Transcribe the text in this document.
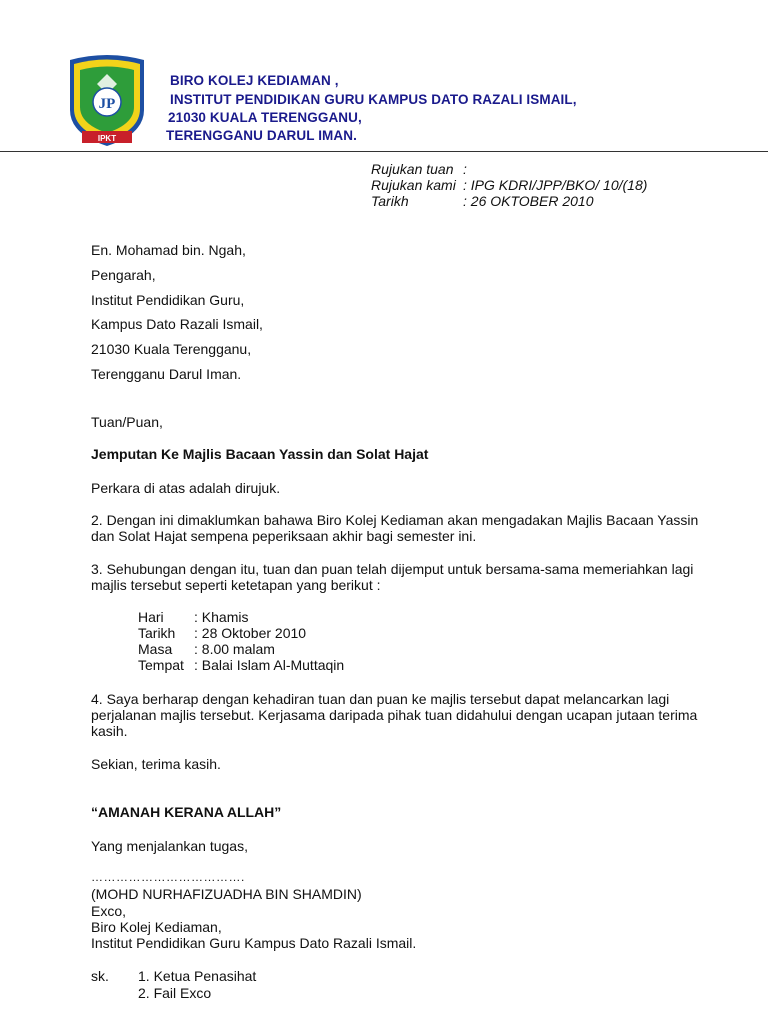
JP
IPKT
BIRO KOLEJ KEDIAMAN ,
INSTITUT PENDIDIKAN GURU KAMPUS DATO RAZALI ISMAIL,
21030 KUALA TERENGGANU,
TERENGGANU DARUL IMAN.
Rujukan tuan :
Rujukan kami : IPG KDRI/JPP/BKO/ 10/(18)
Tarikh	: 26 OKTOBER 2010

En. Mohamad bin. Ngah,

Pengarah,

Institut Pendidikan Guru,

Kampus Dato Razali Ismail,

21030 Kuala Terengganu,

Terengganu Darul Iman.

Tuan/Puan,

Jemputan Ke Majlis Bacaan Yassin dan Solat Hajat

Perkara di atas adalah dirujuk.

2. Dengan ini dimaklumkan bahawa Biro Kolej Kediaman akan mengadakan Majlis Bacaan Yassin dan Solat Hajat sempena peperiksaan akhir bagi semester ini.
3. Sehubungan dengan itu, tuan dan puan telah dijemput untuk bersama-sama memeriahkan lagi majlis tersebut seperti ketetapan yang berikut :
Hari : Khamis
Tarikh : 28 Oktober 2010
Masa : 8.00 malam
Tempat : Balai Islam Al-Muttaqin
4. Saya berharap dengan kehadiran tuan dan puan ke majlis tersebut dapat melancarkan lagi perjalanan majlis tersebut. Kerjasama daripada pihak tuan didahului dengan ucapan jutaan terima kasih.

Sekian, terima kasih.

“AMANAH KERANA ALLAH”

Yang menjalankan tugas,

……………………………….

(MOHD NURHAFIZUADHA BIN SHAMDIN)

Exco,

Biro Kolej Kediaman,

Institut Pendidikan Guru Kampus Dato Razali Ismail.

sk. 1. Ketua Penasihat
2. Fail Exco
